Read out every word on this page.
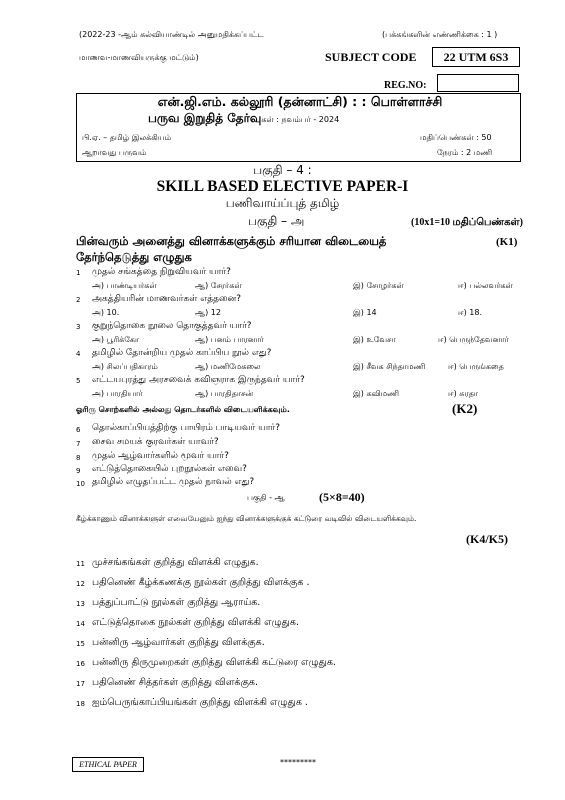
(2022-23 -ஆம் கல்வியாண்டில் அனுமதிக்கப்பட்ட	(பக்கங்களின் எண்ணிக்கை : 1 )
மாணவ-மாணவியருக்கு மட்டும்)	SUBJECT CODE	22 UTM 6S3
REG.NO:
என்.ஜி.எம். கல்லூரி (தன்னாட்சி) : : பொள்ளாச்சி
பருவ இறுதித் தேர்வுகள் : நவம்பர் - 2024
பி.ஏ. – தமிழ் இலக்கியம்	மதிப்பெண்கள் : 50
ஆறாவது பருவம்	நேரம் : 2 மணி
பகுதி – 4 :
SKILL BASED ELECTIVE PAPER-I
பணிவாய்ப்புத் தமிழ்
பகுதி – அ	(10x1=10 மதிப்பெண்கள்)
பின்வரும் அனைத்து வினாக்களுக்கும் சரியான விடையைத்	(K1)
தேர்ந்தெடுத்து எழுதுக
1	முதல் சங்கத்தை நிறுவியவர் யார்?
அ) பாண்டியர்கள்	ஆ) சேரர்கள்	இ) சோழர்கள்	ஈ) பல்லவர்கள்
2	அகத்தியரின் மாணவர்கள் எத்தனை?
அ) 10.	ஆ) 12	இ) 14	ஈ) 18.
3	குறுந்தொகை நூலை தொகுத்தவர் யார்?
அ) பூரிக்கோ	ஆ) பனம் பாரனார்	இ) உவேசா	ஈ) பெருந்தேவனார்
4	தமிழில் தோன்றிய முதல் காப்பிய நூல் எது?
அ) சிலப்பதிகாரம்	ஆ) மணிமேகலை	இ) சீவக சிந்தாமணி	ஈ) பெருங்கதை
5	எட்டயபுரத்து அரசவைக் கவிஞராக இருந்தவர் யார்?
அ) பாரதியார்	ஆ) பாரதிதாசன்	இ) கவிமணி	ஈ) சுரதா
ஓரிரு சொற்களில் அல்லது தொடர்களில் விடையளிக்கவும்.	(K2)
6	தொல்காப்பியத்திற்கு பாயிரம் பாடியவர் யார்?
7	சைவ சமயக் குரவர்கள் யாவர்?
8	முதல் ஆழ்வார்களில் மூவர் யார்?
9	எட்டுத்தொகையில் புறநூல்கள் எவை?
10 தமிழில் எழுதப்பட்ட முதல் நாவல் எது?
பகுதி - ஆ	(5×8=40)
கீழ்க்காணும் வினாக்களுள் எவையேனும் ஐந்து வினாக்களுக்குக் கட்டுரை வடிவில் விடையளிக்கவும்.
(K4/K5)
11 முச்சங்கங்கள் குறித்து விளக்கி எழுதுக.
12 பதினெண் கீழ்க்கணக்கு நூல்கள் குறித்து விளக்குக .
13 பத்துப்பாட்டு நூல்கள் குறித்து ஆராய்க.
14 எட்டுத்தொகை நூல்கள் குறித்து விளக்கி எழுதுக.
15 பன்னிரு ஆழ்வார்கள் குறித்து விளக்குக.
16 பன்னிரு திருமுறைகள் குறித்து விளக்கி கட்டுரை எழுதுக.
17 பதினெண் சித்தர்கள் குறித்து விளக்குக.
18 ஐம்பெருங்காப்பியங்கள் குறித்து விளக்கி எழுதுக .
ETHICAL PAPER	*********
